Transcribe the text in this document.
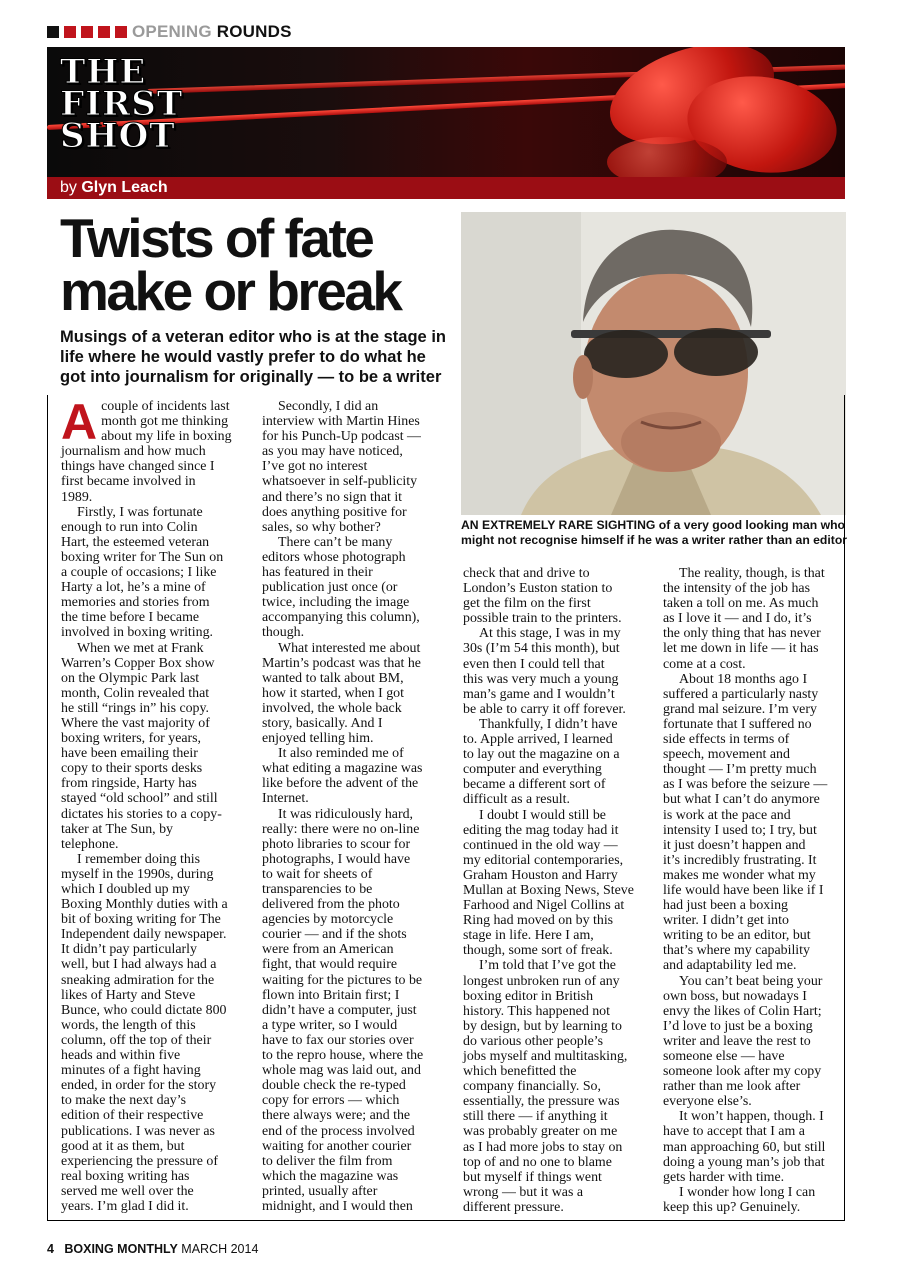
OPENING ROUNDS
THE
FIRST
SHOT
by Glyn Leach
Twists of fate make or break
Musings of a veteran editor who is at the stage in life where he would vastly prefer to do what he got into journalism for originally — to be a writer
AN EXTREMELY RARE SIGHTING of a very good looking man who might not recognise himself if he was a writer rather than an editor
A couple of incidents last
month got me thinking
about my life in boxing
journalism and how much
things have changed since I
first became involved in
1989.
Firstly, I was fortunate
enough to run into Colin
Hart, the esteemed veteran
boxing writer for The Sun on
a couple of occasions; I like
Harty a lot, he’s a mine of
memories and stories from
the time before I became
involved in boxing writing.
When we met at Frank
Warren’s Copper Box show
on the Olympic Park last
month, Colin revealed that
he still “rings in” his copy.
Where the vast majority of
boxing writers, for years,
have been emailing their
copy to their sports desks
from ringside, Harty has
stayed “old school” and still
dictates his stories to a copy-
taker at The Sun, by
telephone.
I remember doing this
myself in the 1990s, during
which I doubled up my
Boxing Monthly duties with a
bit of boxing writing for The
Independent daily newspaper.
It didn’t pay particularly
well, but I had always had a
sneaking admiration for the
likes of Harty and Steve
Bunce, who could dictate 800
words, the length of this
column, off the top of their
heads and within five
minutes of a fight having
ended, in order for the story
to make the next day’s
edition of their respective
publications. I was never as
good at it as them, but
experiencing the pressure of
real boxing writing has
served me well over the
years. I’m glad I did it.
Secondly, I did an
interview with Martin Hines
for his Punch-Up podcast —
as you may have noticed,
I’ve got no interest
whatsoever in self-publicity
and there’s no sign that it
does anything positive for
sales, so why bother?
There can’t be many
editors whose photograph
has featured in their
publication just once (or
twice, including the image
accompanying this column),
though.
What interested me about
Martin’s podcast was that he
wanted to talk about BM,
how it started, when I got
involved, the whole back
story, basically. And I
enjoyed telling him.
It also reminded me of
what editing a magazine was
like before the advent of the
Internet.
It was ridiculously hard,
really: there were no on-line
photo libraries to scour for
photographs, I would have
to wait for sheets of
transparencies to be
delivered from the photo
agencies by motorcycle
courier — and if the shots
were from an American
fight, that would require
waiting for the pictures to be
flown into Britain first; I
didn’t have a computer, just
a type writer, so I would
have to fax our stories over
to the repro house, where the
whole mag was laid out, and
double check the re-typed
copy for errors — which
there always were; and the
end of the process involved
waiting for another courier
to deliver the film from
which the magazine was
printed, usually after
midnight, and I would then
check that and drive to
London’s Euston station to
get the film on the first
possible train to the printers.
At this stage, I was in my
30s (I’m 54 this month), but
even then I could tell that
this was very much a young
man’s game and I wouldn’t
be able to carry it off forever.
Thankfully, I didn’t have
to. Apple arrived, I learned
to lay out the magazine on a
computer and everything
became a different sort of
difficult as a result.
I doubt I would still be
editing the mag today had it
continued in the old way —
my editorial contemporaries,
Graham Houston and Harry
Mullan at Boxing News, Steve
Farhood and Nigel Collins at
Ring had moved on by this
stage in life. Here I am,
though, some sort of freak.
I’m told that I’ve got the
longest unbroken run of any
boxing editor in British
history. This happened not
by design, but by learning to
do various other people’s
jobs myself and multitasking,
which benefitted the
company financially. So,
essentially, the pressure was
still there — if anything it
was probably greater on me
as I had more jobs to stay on
top of and no one to blame
but myself if things went
wrong — but it was a
different pressure.
The reality, though, is that
the intensity of the job has
taken a toll on me. As much
as I love it — and I do, it’s
the only thing that has never
let me down in life — it has
come at a cost.
About 18 months ago I
suffered a particularly nasty
grand mal seizure. I’m very
fortunate that I suffered no
side effects in terms of
speech, movement and
thought — I’m pretty much
as I was before the seizure —
but what I can’t do anymore
is work at the pace and
intensity I used to; I try, but
it just doesn’t happen and
it’s incredibly frustrating. It
makes me wonder what my
life would have been like if I
had just been a boxing
writer. I didn’t get into
writing to be an editor, but
that’s where my capability
and adaptability led me.
You can’t beat being your
own boss, but nowadays I
envy the likes of Colin Hart;
I’d love to just be a boxing
writer and leave the rest to
someone else — have
someone look after my copy
rather than me look after
everyone else’s.
It won’t happen, though. I
have to accept that I am a
man approaching 60, but still
doing a young man’s job that
gets harder with time.
I wonder how long I can
keep this up? Genuinely.
4 BOXING MONTHLY MARCH 2014
